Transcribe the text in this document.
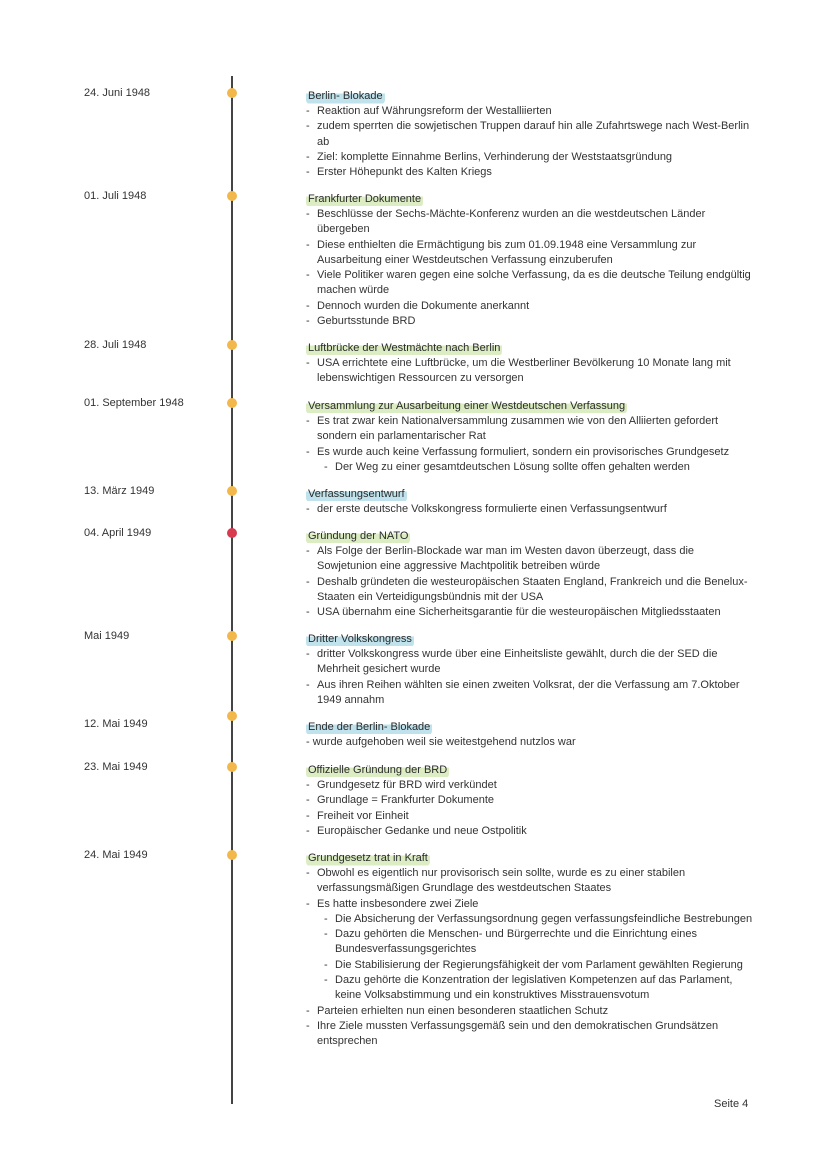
24. Juni 1948	Berlin- Blokade
- Reaktion auf Währungsreform der Westalliierten
- zudem sperrten die sowjetischen Truppen darauf hin alle Zufahrtswege nach West-Berlin ab
- Ziel: komplette Einnahme Berlins, Verhinderung der Weststaatsgründung
- Erster Höhepunkt des Kalten Kriegs
01. Juli 1948	Frankfurter Dokumente
- Beschlüsse der Sechs-Mächte-Konferenz wurden an die westdeutschen Länder übergeben
- Diese enthielten die Ermächtigung bis zum 01.09.1948 eine Versammlung zur Ausarbeitung einer Westdeutschen Verfassung einzuberufen
- Viele Politiker waren gegen eine solche Verfassung, da es die deutsche Teilung endgültig machen würde
- Dennoch wurden die Dokumente anerkannt
- Geburtsstunde BRD
28. Juli 1948	Luftbrücke der Westmächte nach Berlin
- USA errichtete eine Luftbrücke, um die Westberliner Bevölkerung 10 Monate lang mit lebenswichtigen Ressourcen zu versorgen
01. September 1948	Versammlung zur Ausarbeitung einer Westdeutschen Verfassung
- Es trat zwar kein Nationalversammlung zusammen wie von den Alliierten gefordert sondern ein parlamentarischer Rat
- Es wurde auch keine Verfassung formuliert, sondern ein provisorisches Grundgesetz
- Der Weg zu einer gesamtdeutschen Lösung sollte offen gehalten werden
13. März 1949	Verfassungsentwurf
- der erste deutsche Volkskongress formulierte einen Verfassungsentwurf
04. April 1949	Gründung der NATO
- Als Folge der Berlin-Blockade war man im Westen davon überzeugt, dass die Sowjetunion eine aggressive Machtpolitik betreiben würde
- Deshalb gründeten die westeuropäischen Staaten England, Frankreich und die Benelux- Staaten ein Verteidigungsbündnis mit der USA
- USA übernahm eine Sicherheitsgarantie für die westeuropäischen Mitgliedsstaaten
Mai 1949	Dritter Volkskongress
- dritter Volkskongress wurde über eine Einheitsliste gewählt, durch die der SED die Mehrheit gesichert wurde
- Aus ihren Reihen wählten sie einen zweiten Volksrat, der die Verfassung am 7.Oktober 1949 annahm
12. Mai 1949	Ende der Berlin- Blokade
- wurde aufgehoben weil sie weitestgehend nutzlos war
23. Mai 1949	Offizielle Gründung der BRD
- Grundgesetz für BRD wird verkündet
- Grundlage = Frankfurter Dokumente
- Freiheit vor Einheit
- Europäischer Gedanke und neue Ostpolitik
24. Mai 1949	Grundgesetz trat in Kraft
- Obwohl es eigentlich nur provisorisch sein sollte, wurde es zu einer stabilen verfassungsmäßigen Grundlage des westdeutschen Staates
- Es hatte insbesondere zwei Ziele
- Die Absicherung der Verfassungsordnung gegen verfassungsfeindliche Bestrebungen
- Dazu gehörten die Menschen- und Bürgerrechte und die Einrichtung eines Bundesverfassungsgerichtes
- Die Stabilisierung der Regierungsfähigkeit der vom Parlament gewählten Regierung
- Dazu gehörte die Konzentration der legislativen Kompetenzen auf das Parlament, keine Volksabstimmung und ein konstruktives Misstrauensvotum
- Parteien erhielten nun einen besonderen staatlichen Schutz
- Ihre Ziele mussten Verfassungsgemäß sein und den demokratischen Grundsätzen entsprechen
Seite 4
